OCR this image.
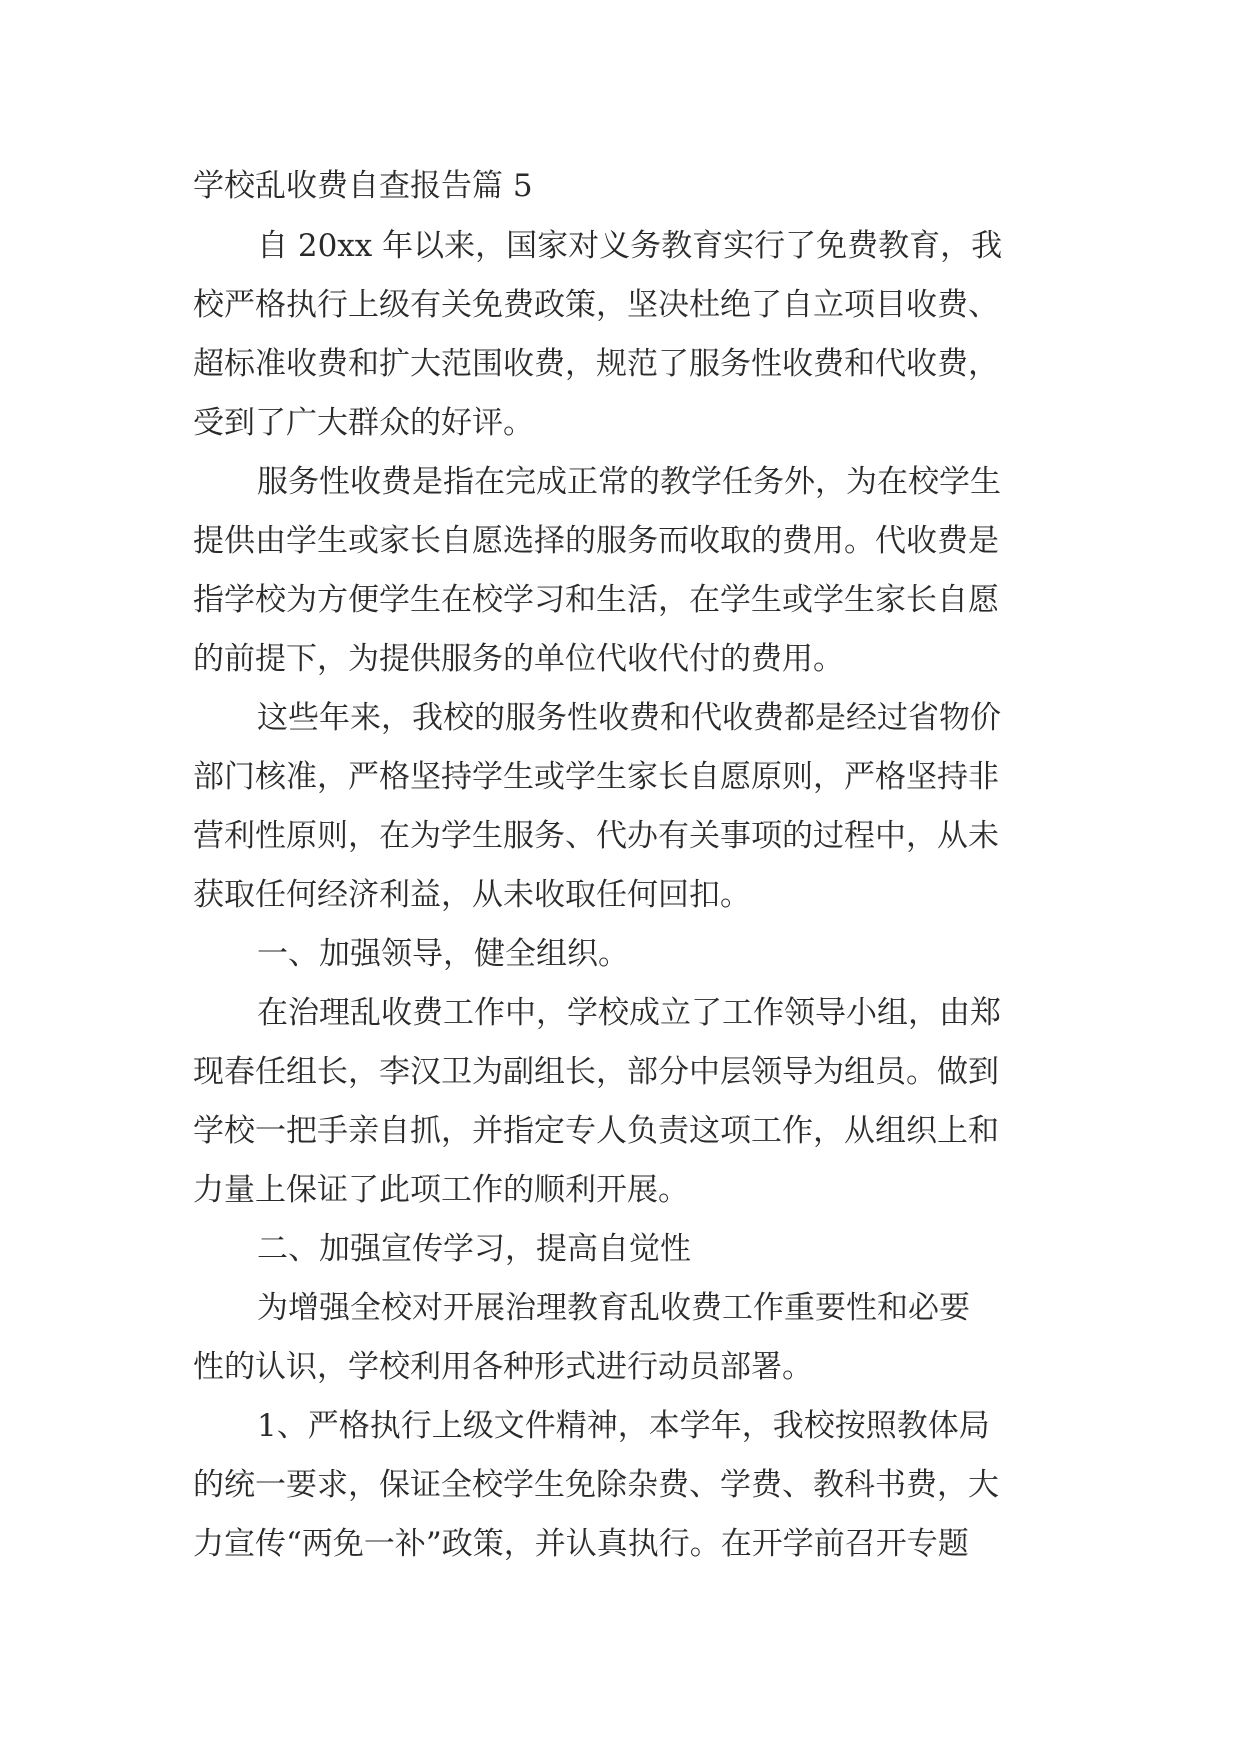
学校乱收费自查报告篇 5
自 20xx 年以来，国家对义务教育实行了免费教育，我
校严格执行上级有关免费政策，坚决杜绝了自立项目收费、
超标准收费和扩大范围收费，规范了服务性收费和代收费，
受到了广大群众的好评。
服务性收费是指在完成正常的教学任务外，为在校学生
提供由学生或家长自愿选择的服务而收取的费用。代收费是
指学校为方便学生在校学习和生活，在学生或学生家长自愿
的前提下，为提供服务的单位代收代付的费用。
这些年来，我校的服务性收费和代收费都是经过省物价
部门核准，严格坚持学生或学生家长自愿原则，严格坚持非
营利性原则，在为学生服务、代办有关事项的过程中，从未
获取任何经济利益，从未收取任何回扣。
一、加强领导，健全组织。
在治理乱收费工作中，学校成立了工作领导小组，由郑
现春任组长，李汉卫为副组长，部分中层领导为组员。做到
学校一把手亲自抓，并指定专人负责这项工作，从组织上和
力量上保证了此项工作的顺利开展。
二、加强宣传学习，提高自觉性
为增强全校对开展治理教育乱收费工作重要性和必要
性的认识，学校利用各种形式进行动员部署。
1、严格执行上级文件精神，本学年，我校按照教体局
的统一要求，保证全校学生免除杂费、学费、教科书费，大
力宣传“两免一补”政策，并认真执行。在开学前召开专题
